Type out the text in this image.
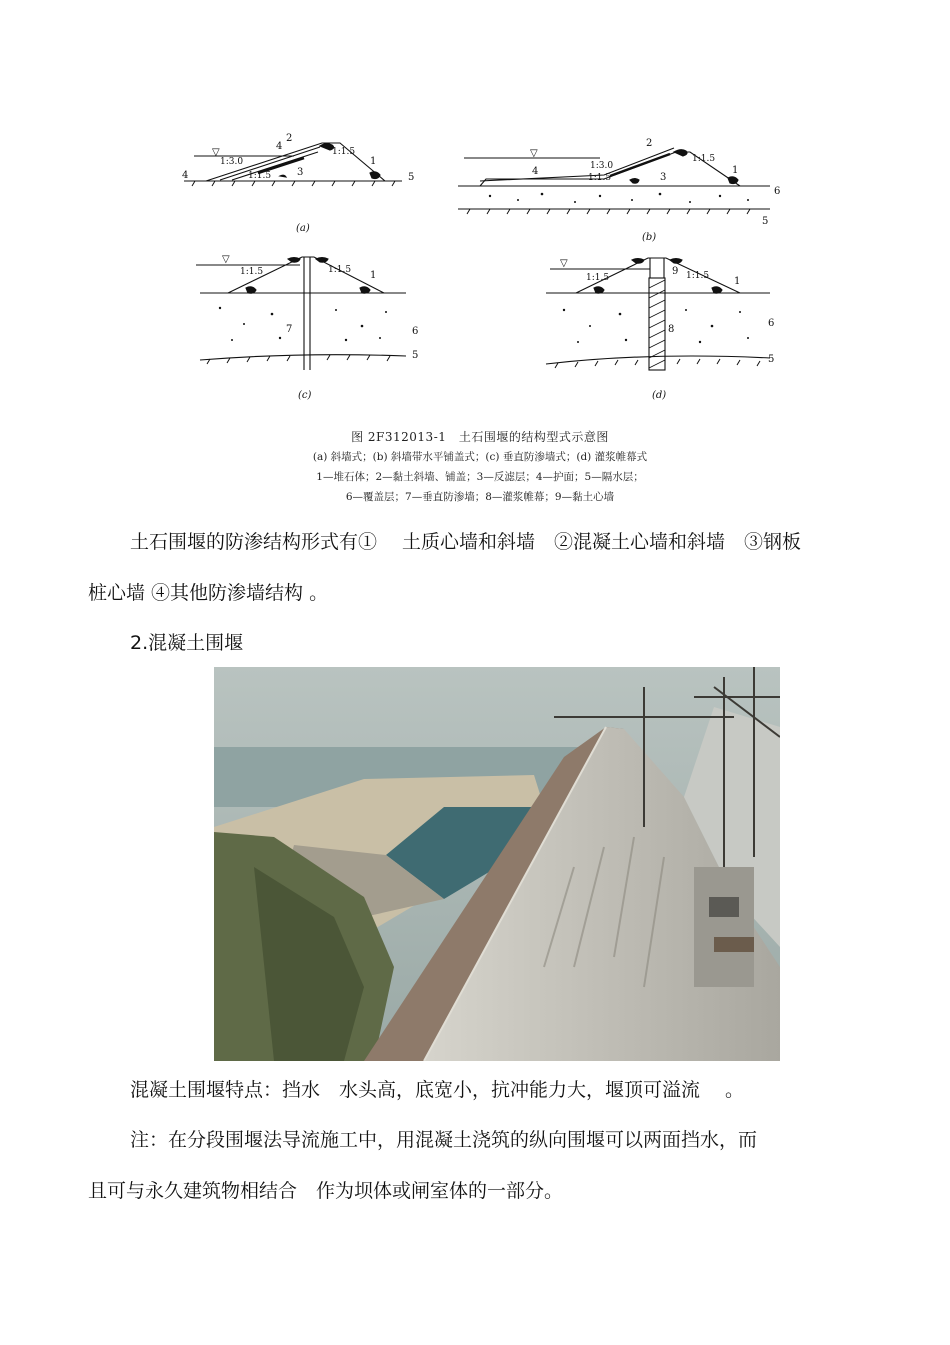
▽
1:3.0
1:1.5
1:1.5
2
4
1
3
4	5
(a)
▽
1:3.0
1:1.5
1:1.5
2
1
3
4
6
5
(b)
▽
1:1.5	1:1.5 1
7	6
5
(c)
▽
1:1.5	1:1.5
9
1
8
6
5
(d)
图 2F312013-1　土石围堰的结构型式示意图
(a) 斜墙式；(b) 斜墙带水平铺盖式；(c) 垂直防渗墙式；(d) 灌浆帷幕式
1—堆石体；2—黏土斜墙、铺盖；3—反滤层；4—护面；5—隔水层；
6—覆盖层；7—垂直防渗墙；8—灌浆帷幕；9—黏土心墙
土石围堰的防渗结构形式有①　 土质心墙和斜墙　②混凝土心墙和斜墙　③钢板
桩心墙 ④其他防渗墙结构 。
2.混凝土围堰
混凝土围堰特点：挡水　水头高，底宽小，抗冲能力大，堰顶可溢流　 。
注：在分段围堰法导流施工中，用混凝土浇筑的纵向围堰可以两面挡水，而
且可与永久建筑物相结合　作为坝体或闸室体的一部分。
